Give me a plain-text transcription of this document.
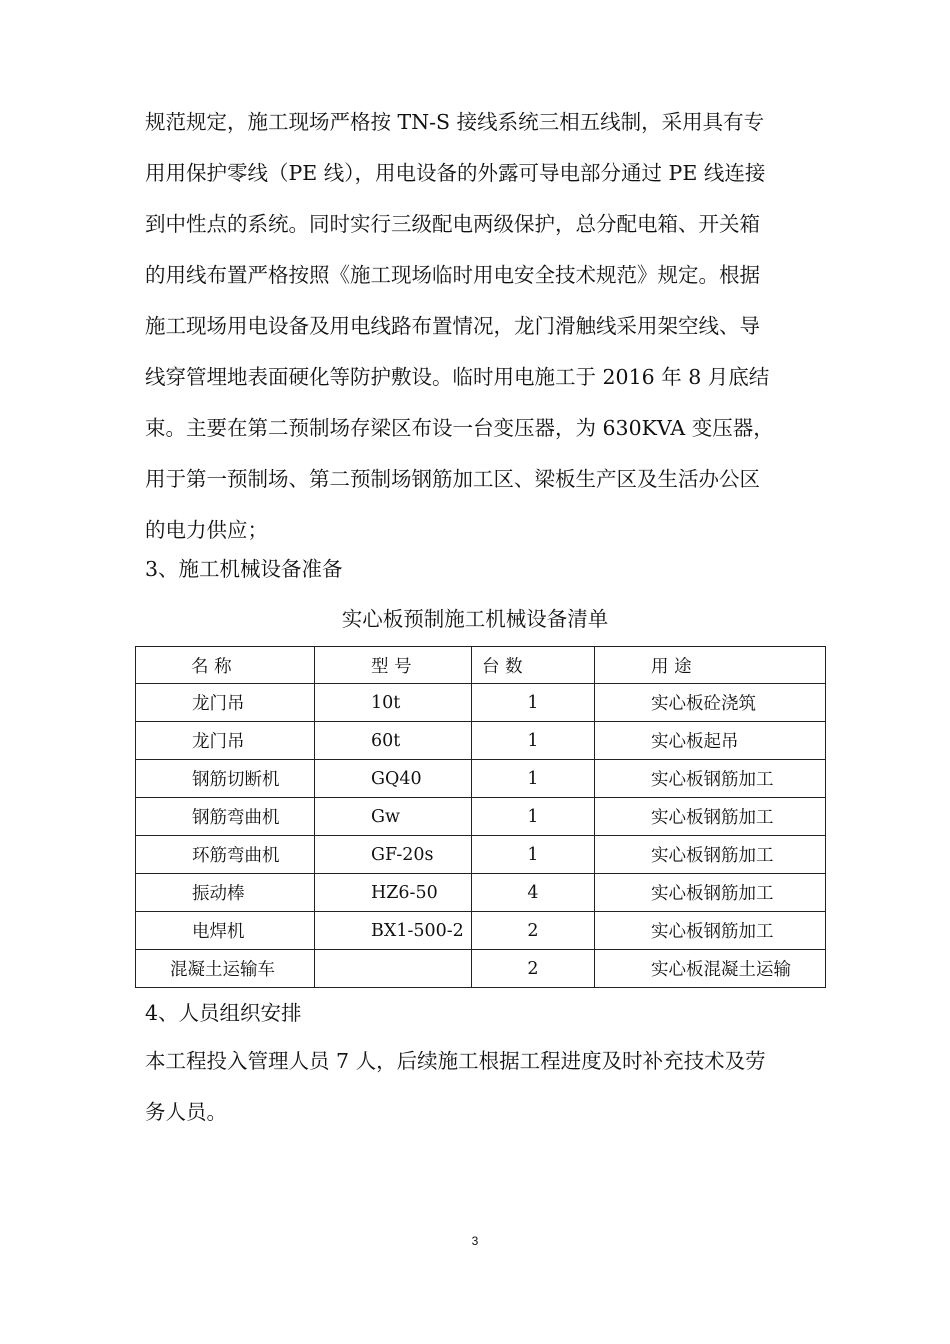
规范规定，施工现场严格按 TN-S 接线系统三相五线制，采用具有专
用用保护零线（PE 线），用电设备的外露可导电部分通过 PE 线连接
到中性点的系统。同时实行三级配电两级保护，总分配电箱、开关箱
的用线布置严格按照《施工现场临时用电安全技术规范》规定。根据
施工现场用电设备及用电线路布置情况，龙门滑触线采用架空线、导
线穿管埋地表面硬化等防护敷设。临时用电施工于 2016 年 8 月底结
束。主要在第二预制场存梁区布设一台变压器，为 630KVA 变压器，
用于第一预制场、第二预制场钢筋加工区、梁板生产区及生活办公区
的电力供应；

3、施工机械设备准备

实心板预制施工机械设备清单

名 称	型 号	台 数	用 途
龙门吊	10t	1	实心板砼浇筑
龙门吊	60t	1	实心板起吊
钢筋切断机	GQ40	1	实心板钢筋加工
钢筋弯曲机	Gw	1	实心板钢筋加工
环筋弯曲机	GF-20s	1	实心板钢筋加工
振动棒	HZ6-50	4	实心板钢筋加工
电焊机	BX1-500-2	2	实心板钢筋加工
混凝土运输车		2	实心板混凝土运输

4、人员组织安排

本工程投入管理人员 7 人，后续施工根据工程进度及时补充技术及劳
务人员。

3
